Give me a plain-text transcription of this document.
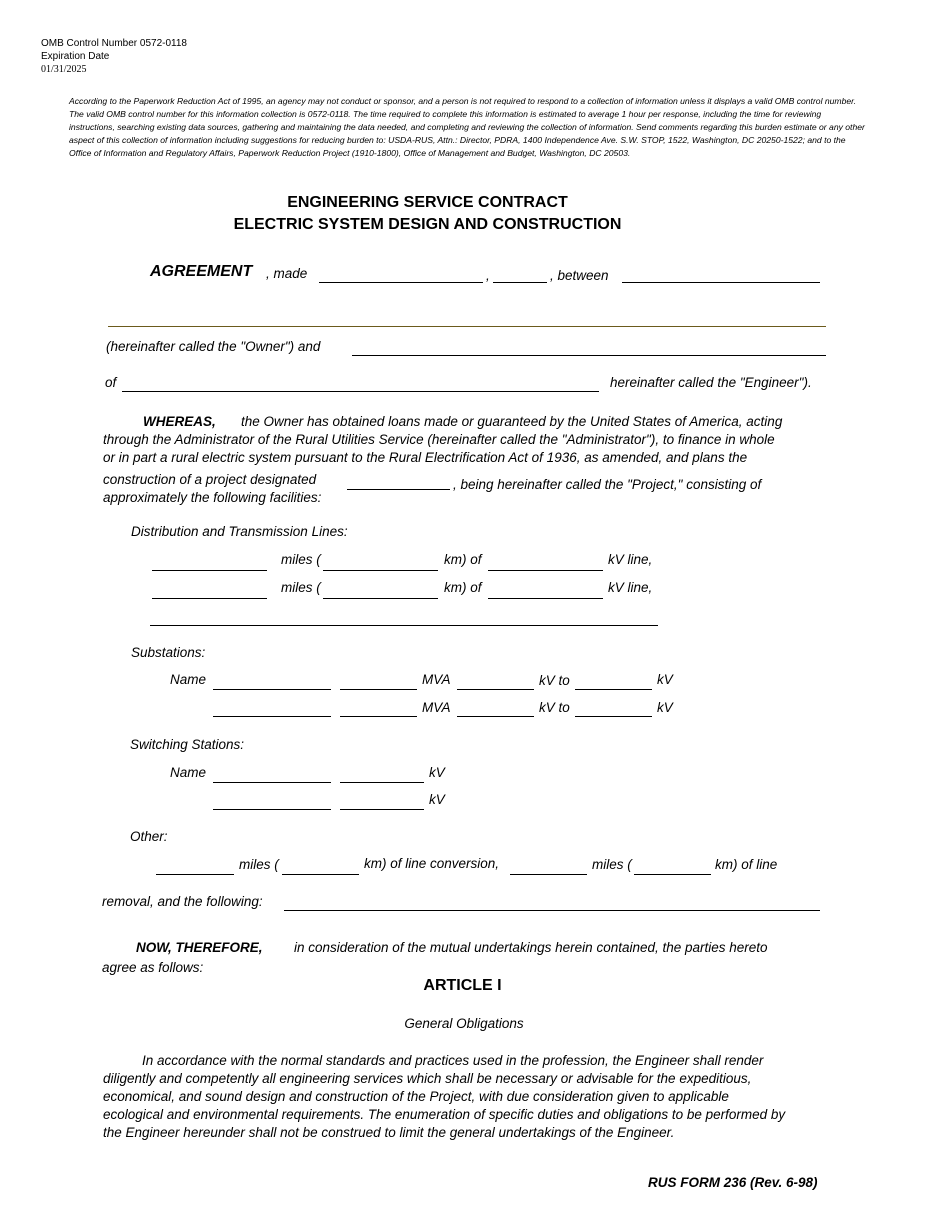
OMB Control Number 0572-0118
Expiration Date
01/31/2025
According to the Paperwork Reduction Act of 1995, an agency may not conduct or sponsor, and a person is not required to respond to a collection of information unless it displays a valid OMB control number. The valid OMB control number for this information collection is 0572-0118. The time required to complete this information is estimated to average 1 hour per response, including the time for reviewing instructions, searching existing data sources, gathering and maintaining the data needed, and completing and reviewing the collection of information. Send comments regarding this burden estimate or any other aspect of this collection of information including suggestions for reducing burden to: USDA-RUS, Attn.: Director, PDRA, 1400 Independence Ave. S.W. STOP, 1522, Washington, DC 20250-1522; and to the Office of Information and Regulatory Affairs, Paperwork Reduction Project (1910-1800), Office of Management and Budget, Washington, DC 20503.
ENGINEERING SERVICE CONTRACT
ELECTRIC SYSTEM DESIGN AND CONSTRUCTION
AGREEMENT , made	,	, between
(hereinafter called the "Owner") and
of	hereinafter called the "Engineer").
WHEREAS, the Owner has obtained loans made or guaranteed by the United States of America, acting
through the Administrator of the Rural Utilities Service (hereinafter called the "Administrator"), to finance in whole
or in part a rural electric system pursuant to the Rural Electrification Act of 1936, as amended, and plans the
construction of a project designated	, being hereinafter called the "Project," consisting of
approximately the following facilities:
Distribution and Transmission Lines:
miles (	km) of	kV line,
miles (	km) of	kV line,
Substations:
Name	MVA	kV to	kV
MVA	kV to	kV
Switching Stations:
Name	kV
kV
Other:
miles (	km) of line conversion,	miles (	km) of line
removal, and the following:
NOW, THEREFORE, in consideration of the mutual undertakings herein contained, the parties hereto
agree as follows:
ARTICLE I
General Obligations
In accordance with the normal standards and practices used in the profession, the Engineer shall render
diligently and competently all engineering services which shall be necessary or advisable for the expeditious,
economical, and sound design and construction of the Project, with due consideration given to applicable
ecological and environmental requirements. The enumeration of specific duties and obligations to be performed by
the Engineer hereunder shall not be construed to limit the general undertakings of the Engineer.
RUS FORM 236 (Rev. 6-98)
